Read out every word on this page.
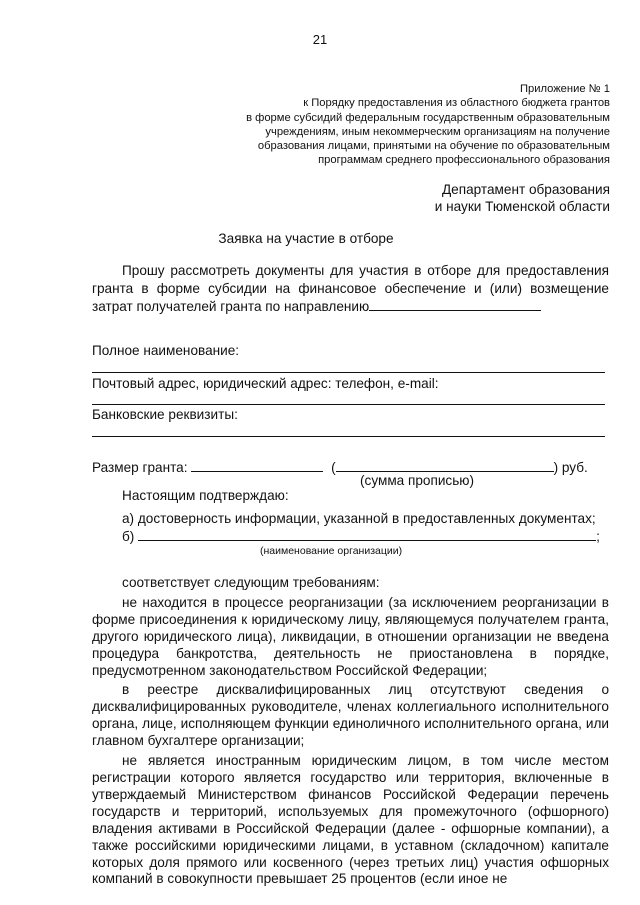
21
Приложение № 1
к Порядку предоставления из областного бюджета грантов
в форме субсидий федеральным государственным образовательным
учреждениям, иным некоммерческим организациям на получение
образования лицами, принятыми на обучение по образовательным
программам среднего профессионального образования
Департамент образования
и науки Тюменской области
Заявка на участие в отборе

Прошу рассмотреть документы для участия в отборе для предоставления гранта в форме субсидии на финансовое обеспечение и (или) возмещение затрат получателей гранта по направлению

Полное наименование:
Почтовый адрес, юридический адрес: телефон, e-mail:
Банковские реквизиты:
Размер гранта:	(	) руб.
(сумма прописью)
Настоящим подтверждаю:
а) достоверность информации, указанной в предоставленных документах;
б)	;
(наименование организации)

соответствует следующим требованиям:

не находится в процессе реорганизации (за исключением реорганизации в форме присоединения к юридическому лицу, являющемуся получателем гранта, другого юридического лица), ликвидации, в отношении организации не введена процедура банкротства, деятельность не приостановлена в порядке, предусмотренном законодательством Российской Федерации;

в реестре дисквалифицированных лиц отсутствуют сведения о дисквалифицированных руководителе, членах коллегиального исполнительного органа, лице, исполняющем функции единоличного исполнительного органа, или главном бухгалтере организации;

не является иностранным юридическим лицом, в том числе местом регистрации которого является государство или территория, включенные в утверждаемый Министерством финансов Российской Федерации перечень государств и территорий, используемых для промежуточного (офшорного) владения активами в Российской Федерации (далее - офшорные компании), а также российскими юридическими лицами, в уставном (складочном) капитале которых доля прямого или косвенного (через третьих лиц) участия офшорных компаний в совокупности превышает 25 процентов (если иное не
